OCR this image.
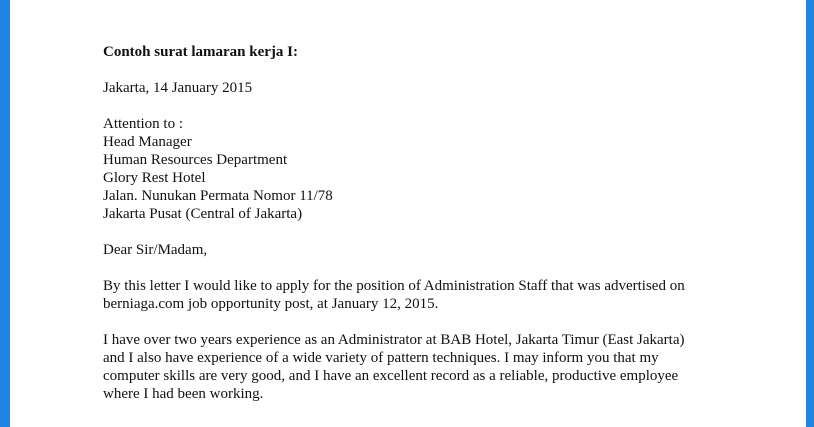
Contoh surat lamaran kerja I:
Jakarta, 14 January 2015
Attention to :
Head Manager
Human Resources Department
Glory Rest Hotel
Jalan. Nunukan Permata Nomor 11/78
Jakarta Pusat (Central of Jakarta)
Dear Sir/Madam,
By this letter I would like to apply for the position of Administration Staff that was advertised on
berniaga.com job opportunity post, at January 12, 2015.
I have over two years experience as an Administrator at BAB Hotel, Jakarta Timur (East Jakarta)
and I also have experience of a wide variety of pattern techniques. I may inform you that my
computer skills are very good, and I have an excellent record as a reliable, productive employee
where I had been working.
